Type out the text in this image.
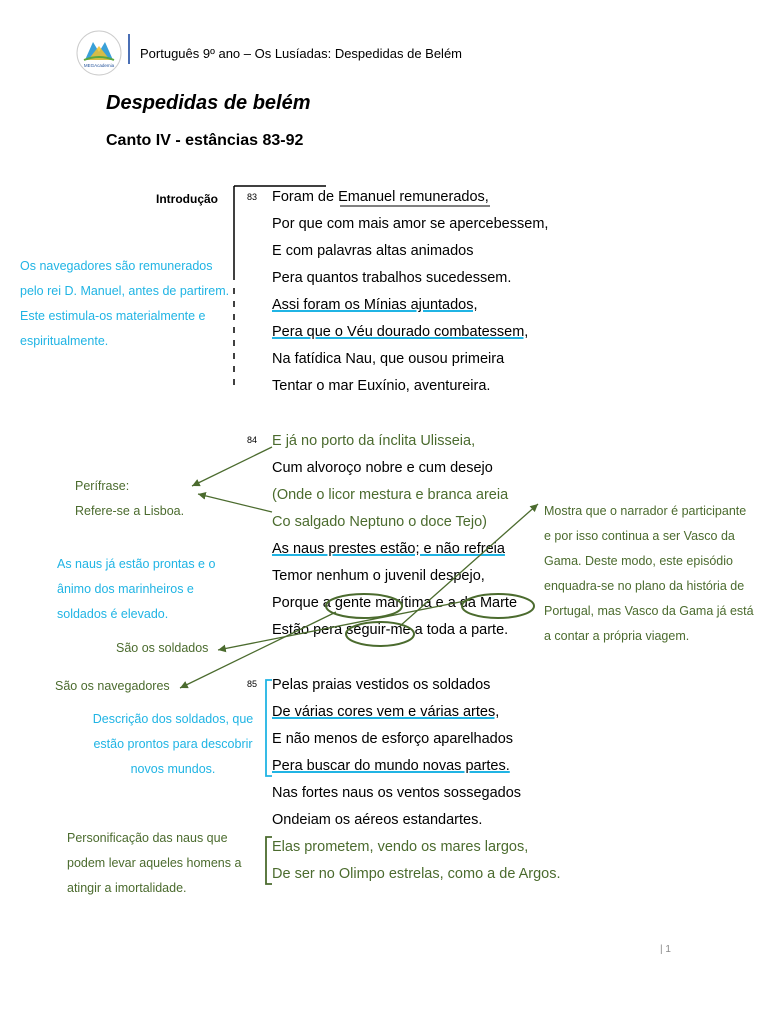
MEGAcademia
Português 9º ano – Os Lusíadas: Despedidas de Belém
Despedidas de belém
Canto IV - estâncias 83-92
Introdução	83
84
85
Foram de Emanuel remunerados,
Por que com mais amor se apercebessem,
E com palavras altas animados
Pera quantos trabalhos sucedessem.
Assi foram os Mínias ajuntados,
Pera que o Véu dourado combatessem,
Na fatídica Nau, que ousou primeira
Tentar o mar Euxínio, aventureira.
E já no porto da ínclita Ulisseia,
Cum alvoroço nobre e cum desejo
(Onde o licor mestura e branca areia
Co salgado Neptuno o doce Tejo)
As naus prestes estão; e não refreia
Temor nenhum o juvenil despejo,
Porque a gente marítima e a da Marte
Estão pera seguir-me a toda a parte.
Pelas praias vestidos os soldados
De várias cores vem e várias artes,
E não menos de esforço aparelhados
Pera buscar do mundo novas partes.
Nas fortes naus os ventos sossegados
Ondeiam os aéreos estandartes.
Elas prometem, vendo os mares largos,
De ser no Olimpo estrelas, como a de Argos.
Os navegadores são remunerados pelo rei D. Manuel, antes de partirem. Este estimula-os materialmente e espiritualmente.
Perífrase:
Refere-se a Lisboa.
As naus já estão prontas e o ânimo dos marinheiros e soldados é elevado.
Mostra que o narrador é participante e por isso continua a ser Vasco da Gama. Deste modo, este episódio enquadra-se no plano da história de Portugal, mas Vasco da Gama já está a contar a própria viagem.
São os soldados
São os navegadores
Descrição dos soldados, que estão prontos para descobrir novos mundos.
Personificação das naus que podem levar aqueles homens a atingir a imortalidade.
| 1
